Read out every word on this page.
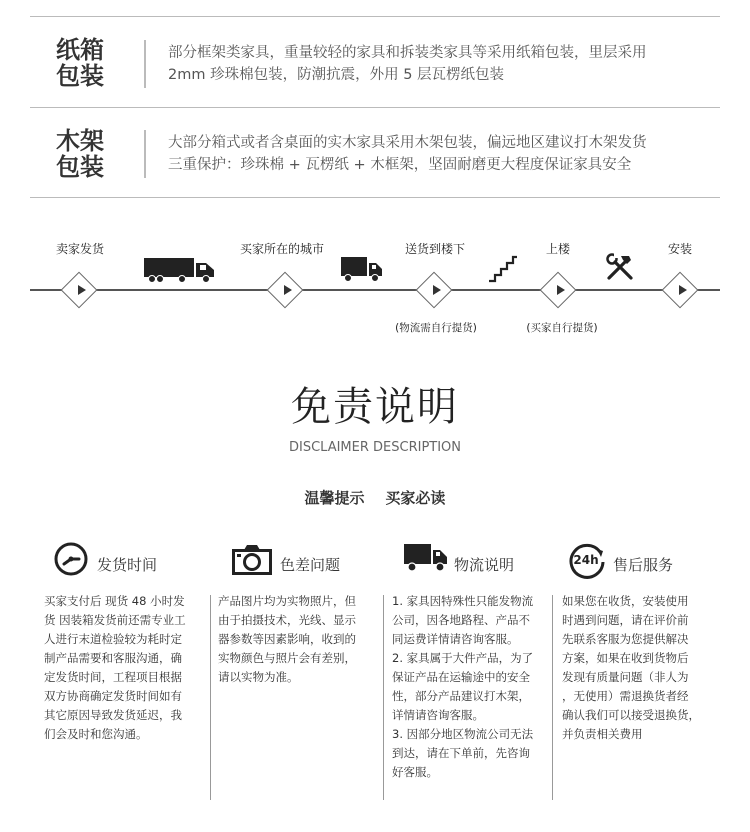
纸箱
包装
部分框架类家具，重量较轻的家具和拆装类家具等采用纸箱包装，里层采用
2mm 珍珠棉包装，防潮抗震，外用 5 层瓦楞纸包装
木架
包装
大部分箱式或者含桌面的实木家具采用木架包装，偏远地区建议打木架发货
三重保护：珍珠棉 + 瓦楞纸 + 木框架，坚固耐磨更大程度保证家具安全
卖家发货	买家所在的城市	送货到楼下	上楼	安装
(物流需自行提货)	(买家自行提货)
免责说明
DISCLAIMER DESCRIPTION
温馨提示    买家必读
发货时间
买家支付后 现货 48 小时发
货 因装箱发货前还需专业工
人进行末道检验较为耗时定
制产品需要和客服沟通，确
定发货时间，工程项目根据
双方协商确定发货时间如有
其它原因导致发货延迟，我
们会及时和您沟通。
色差问题
产品图片均为实物照片，但
由于拍摄技术，光线、显示
器参数等因素影响，收到的
实物颜色与照片会有差别，
请以实物为准。
物流说明
1. 家具因特殊性只能发物流
公司，因各地路程、产品不
同运费详情请咨询客服。
2. 家具属于大件产品，为了
保证产品在运输途中的安全
性，部分产品建议打木架，
详情请咨询客服。
3. 因部分地区物流公司无法
到达，请在下单前，先咨询
好客服。
24h 售后服务
如果您在收货，安装使用
时遇到问题，请在评价前
先联系客服为您提供解决
方案，如果在收到货物后
发现有质量问题（非人为
，无使用）需退换货者经
确认我们可以接受退换货，
并负责相关费用
